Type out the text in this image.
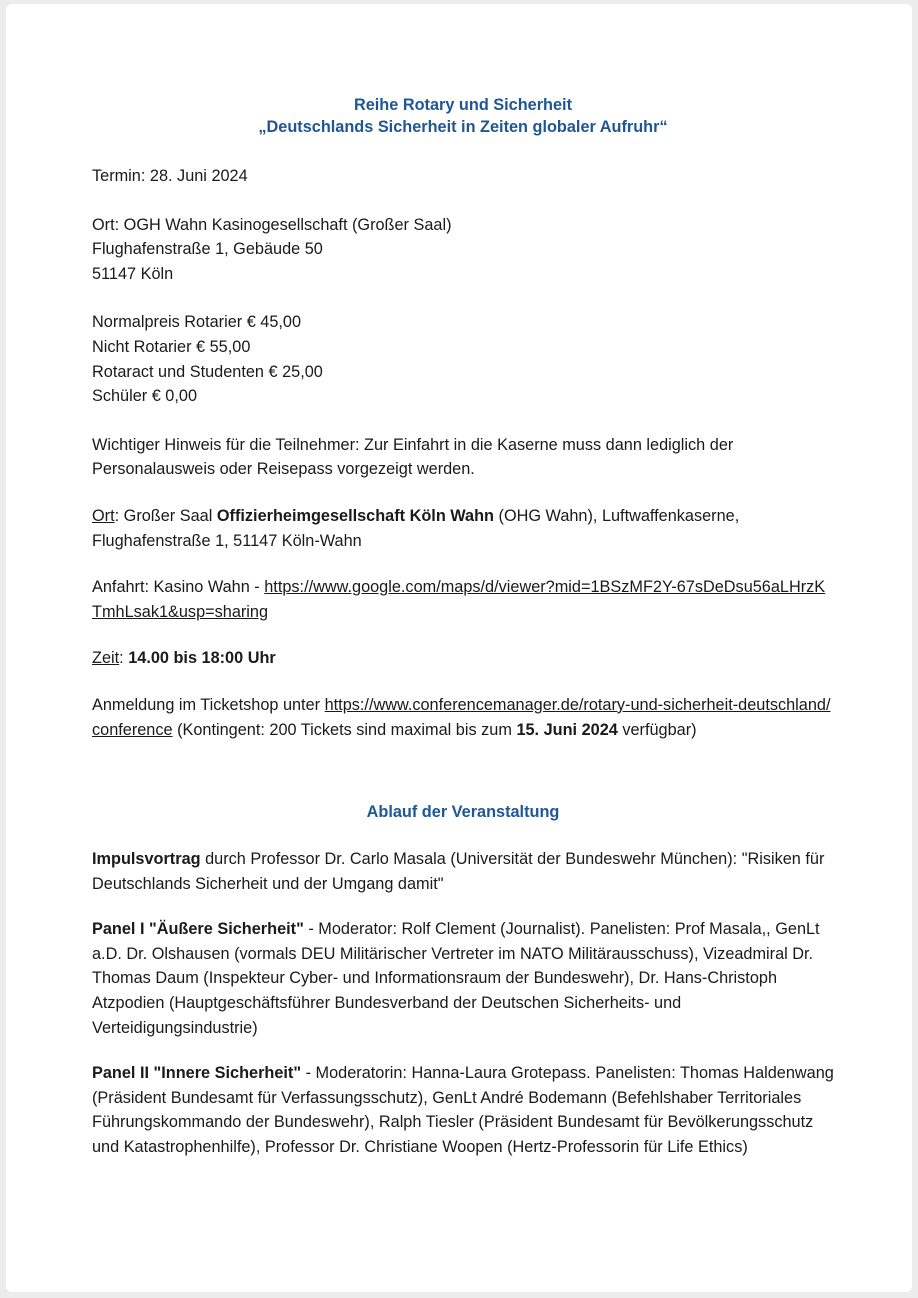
Reihe Rotary und Sicherheit
„Deutschlands Sicherheit in Zeiten globaler Aufruhr“

Termin: 28. Juni 2024

Ort: OGH Wahn Kasinogesellschaft (Großer Saal)
Flughafenstraße 1, Gebäude 50
51147 Köln

Normalpreis Rotarier € 45,00
Nicht Rotarier € 55,00
Rotaract und Studenten € 25,00
Schüler € 0,00

Wichtiger Hinweis für die Teilnehmer: Zur Einfahrt in die Kaserne muss dann lediglich der Personalausweis oder Reisepass vorgezeigt werden.

Ort: Großer Saal Offizierheimgesellschaft Köln Wahn (OHG Wahn), Luftwaffenkaserne, Flughafenstraße 1, 51147 Köln-Wahn

Anfahrt: Kasino Wahn - https://www.google.com/maps/d/viewer?mid=1BSzMF2Y-67sDeDsu56aLHrzKTmhLsak1&usp=sharing

Zeit: 14.00 bis 18:00 Uhr

Anmeldung im Ticketshop unter https://www.conferencemanager.de/rotary-und-sicherheit-deutschland/conference (Kontingent: 200 Tickets sind maximal bis zum 15. Juni 2024 verfügbar)

Ablauf der Veranstaltung

Impulsvortrag durch Professor Dr. Carlo Masala (Universität der Bundeswehr München): "Risiken für Deutschlands Sicherheit und der Umgang damit"

Panel I "Äußere Sicherheit" - Moderator: Rolf Clement (Journalist). Panelisten: Prof Masala,, GenLt a.D. Dr. Olshausen (vormals DEU Militärischer Vertreter im NATO Militärausschuss), Vizeadmiral Dr. Thomas Daum (Inspekteur Cyber- und Informationsraum der Bundeswehr), Dr. Hans-Christoph Atzpodien (Hauptgeschäftsführer Bundesverband der Deutschen Sicherheits- und Verteidigungsindustrie)

Panel II "Innere Sicherheit" - Moderatorin: Hanna-Laura Grotepass. Panelisten: Thomas Haldenwang (Präsident Bundesamt für Verfassungsschutz), GenLt André Bodemann (Befehlshaber Territoriales Führungskommando der Bundeswehr), Ralph Tiesler (Präsident Bundesamt für Bevölkerungsschutz und Katastrophenhilfe), Professor Dr. Christiane Woopen (Hertz-Professorin für Life Ethics)
